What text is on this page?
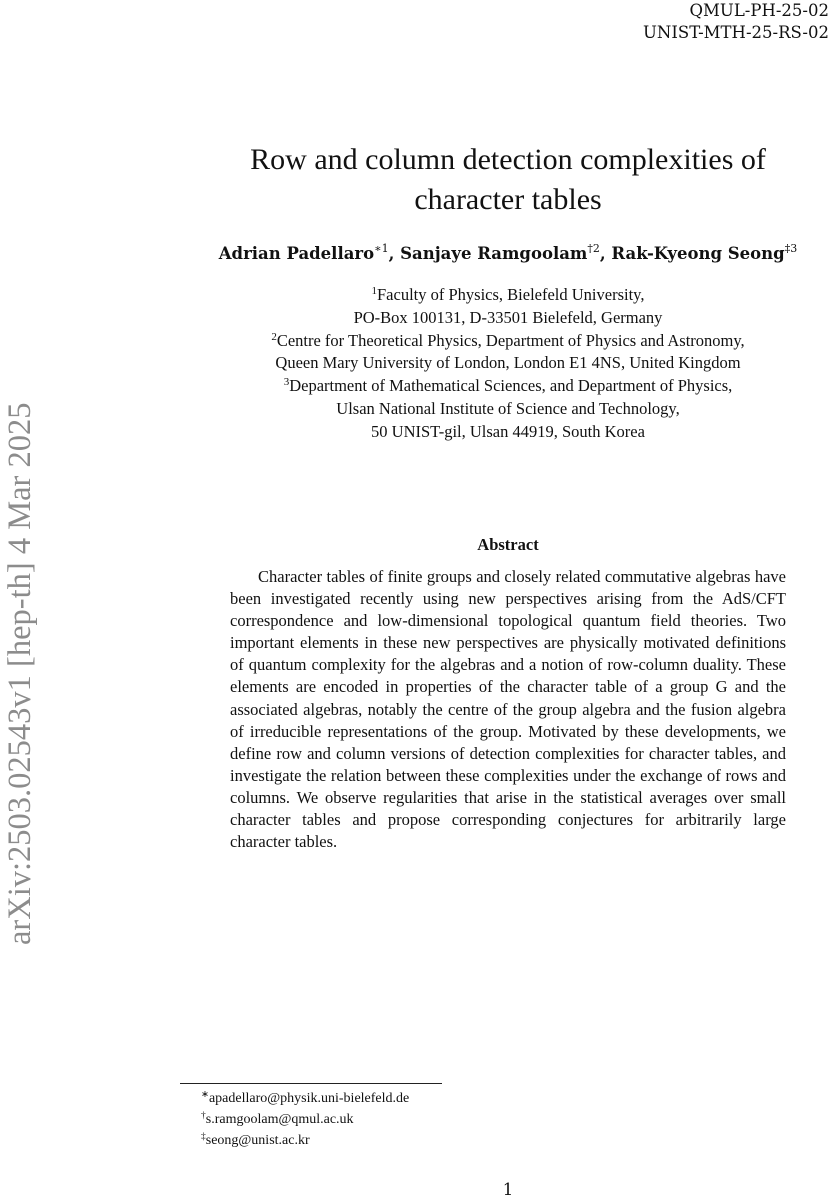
QMUL-PH-25-02
UNIST-MTH-25-RS-02
arXiv:2503.02543v1 [hep-th] 4 Mar 2025
Row and column detection complexities of
character tables
Adrian Padellaro$^{∗1}$, Sanjaye Ramgoolam$^{\dagger 2}$, Rak-Kyeong Seong$^{\ddagger 3}$
$^1$Faculty of Physics, Bielefeld University,
PO-Box 100131, D-33501 Bielefeld, Germany
$^2$Centre for Theoretical Physics, Department of Physics and Astronomy,
Queen Mary University of London, London E1 4NS, United Kingdom
$^3$Department of Mathematical Sciences, and Department of Physics,
Ulsan National Institute of Science and Technology,
50 UNIST-gil, Ulsan 44919, South Korea
Abstract

Character tables of finite groups and closely related commutative algebras have been investigated recently using new perspectives arising from the AdS/CFT correspondence and low-dimensional topological quantum field theories. Two important elements in these new perspectives are physically motivated definitions of quantum complexity for the algebras and a notion of row-column duality. These elements are encoded in properties of the character table of a group G and the associated algebras, notably the centre of the group algebra and the fusion algebra of irreducible representations of the group. Motivated by these developments, we define row and column versions of detection complexities for character tables, and investigate the relation between these complexities under the exchange of rows and columns. We observe regularities that arise in the statistical averages over small character tables and propose corresponding conjectures for arbitrarily large character tables.

∗apadellaro@physik.uni-bielefeld.de
†s.ramgoolam@qmul.ac.uk
‡seong@unist.ac.kr
1
